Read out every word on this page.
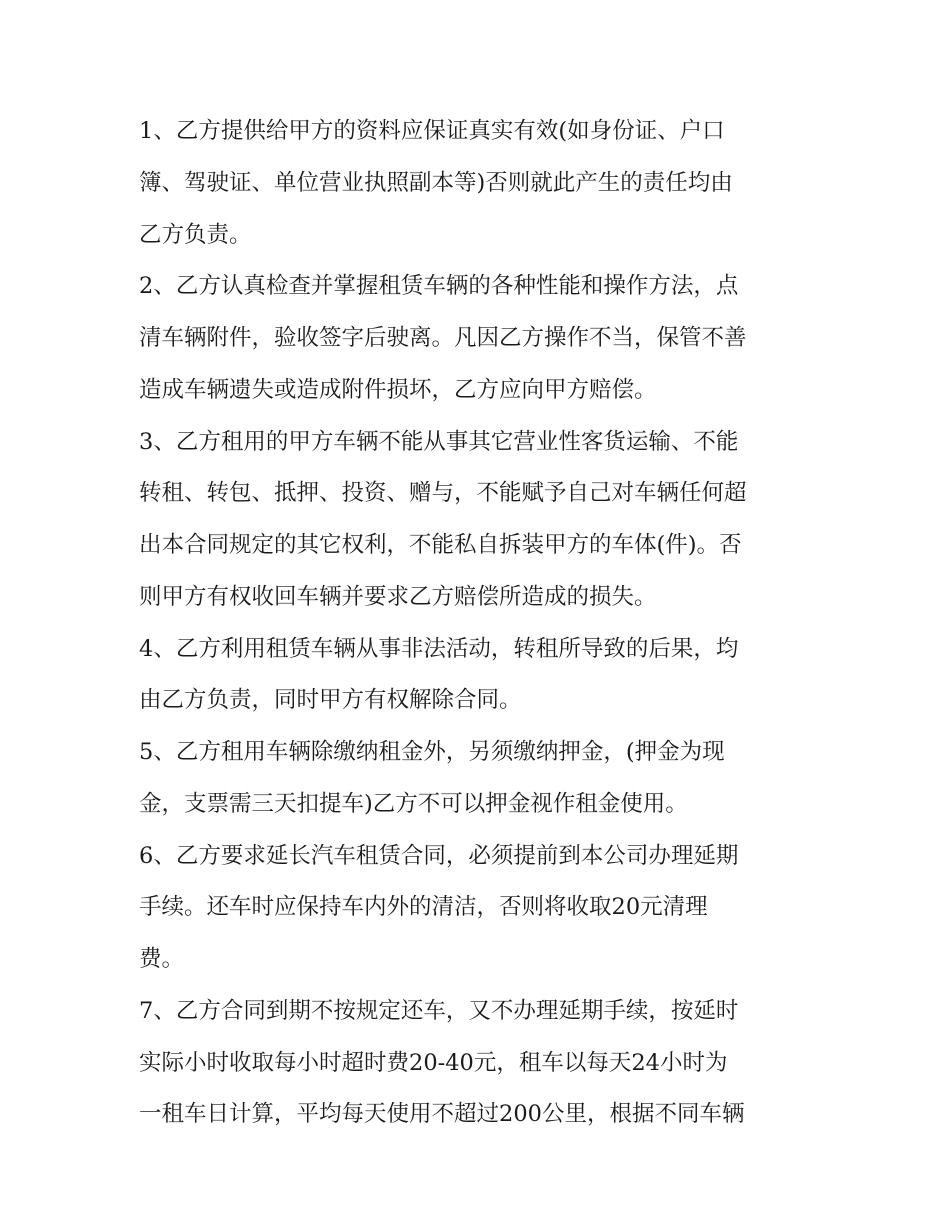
1、乙方提供给甲方的资料应保证真实有效(如身份证、户口
簿、驾驶证、单位营业执照副本等)否则就此产生的责任均由
乙方负责。
2、乙方认真检查并掌握租赁车辆的各种性能和操作方法，点
清车辆附件，验收签字后驶离。凡因乙方操作不当，保管不善
造成车辆遗失或造成附件损坏，乙方应向甲方赔偿。
3、乙方租用的甲方车辆不能从事其它营业性客货运输、不能
转租、转包、抵押、投资、赠与，不能赋予自己对车辆任何超
出本合同规定的其它权利，不能私自拆装甲方的车体(件)。否
则甲方有权收回车辆并要求乙方赔偿所造成的损失。
4、乙方利用租赁车辆从事非法活动，转租所导致的后果，均
由乙方负责，同时甲方有权解除合同。
5、乙方租用车辆除缴纳租金外，另须缴纳押金，(押金为现
金，支票需三天扣提车)乙方不可以押金视作租金使用。
6、乙方要求延长汽车租赁合同，必须提前到本公司办理延期
手续。还车时应保持车内外的清洁，否则将收取20元清理
费。
7、乙方合同到期不按规定还车，又不办理延期手续，按延时
实际小时收取每小时超时费20-40元，租车以每天24小时为
一租车日计算，平均每天使用不超过200公里，根据不同车辆
